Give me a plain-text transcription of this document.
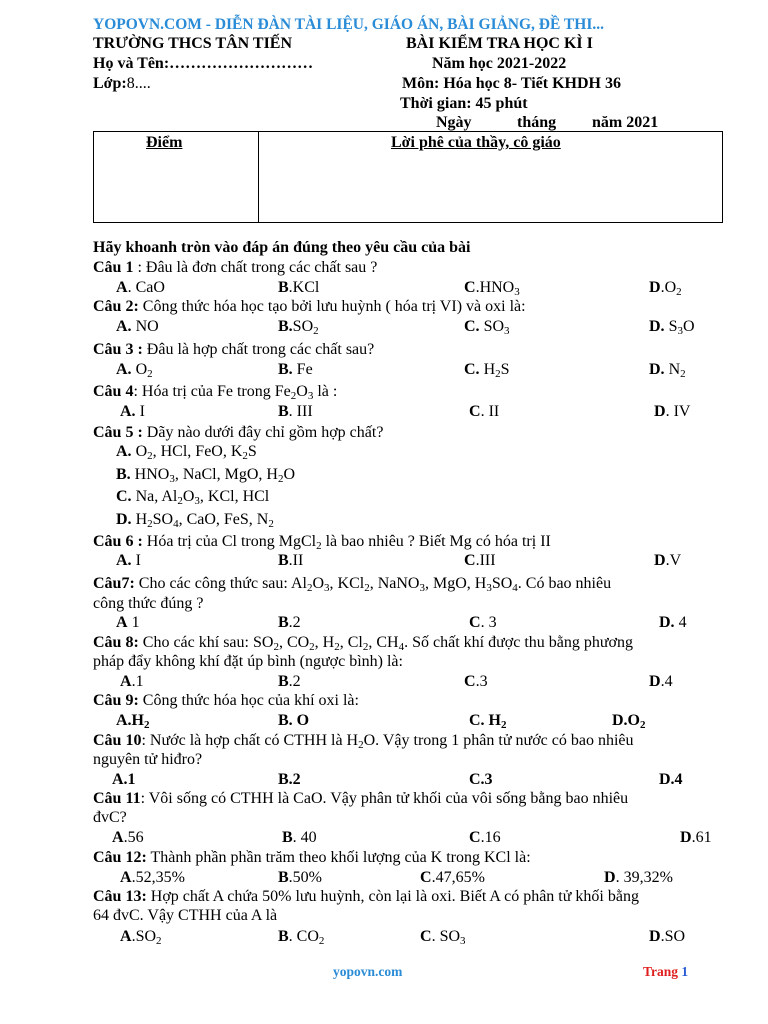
YOPOVN.COM - DIỄN ĐÀN TÀI LIỆU, GIÁO ÁN, BÀI GIẢNG, ĐỀ THI...
TRƯỜNG THCS TÂN TIẾN	BÀI KIỂM TRA HỌC KÌ I
Họ và Tên:………………………	Năm học 2021-2022
Lớp:8....	Môn: Hóa học 8- Tiết KHDH 36
Thời gian: 45 phút
Ngày	tháng năm 2021
Điểm	Lời phê của thầy, cô giáo
Hãy khoanh tròn vào đáp án đúng theo yêu cầu của bài
Câu 1 : Đâu là đơn chất trong các chất sau ?
A. CaO	B.KCl	$C.HNO_3$	$D.O_2$
Câu 2: Công thức hóa học tạo bởi lưu huỳnh ( hóa trị VI) và oxi là:
A. NO	$B.SO_2$	C. $SO_3$	D. $S_3O$
Câu 3 : Đâu là hợp chất trong các chất sau?
A. $O_2$	B. Fe	C. $H_2S$	D. $N_2$
Câu 4: Hóa trị của Fe trong $Fe_2O_3$ là :
A. I	B. III	C. II	D. IV
Câu 5 : Dãy nào dưới đây chỉ gồm hợp chất?
A. $O_2$, HCl, FeO, $K_2S$
B. $HNO_3$, NaCl, MgO, $H_2O$
C. Na, $Al_2O_3$, KCl, HCl
D. $H_2SO_4$, CaO, FeS, $N_2$
Câu 6 : Hóa trị của Cl trong MgCl$_2$ là bao nhiêu ? Biết Mg có hóa trị II
A. I	B.II	C.III	D.V
Câu7: Cho các công thức sau: $Al_2O_3$, KCl$_2$, NaNO$_3$, MgO, $H_3SO_4$. Có bao nhiêu
công thức đúng ?
A 1	B.2	C. 3	D. 4
Câu 8: Cho các khí sau: $SO_2$, $CO_2$, $H_2$, $Cl_2$, $CH_4$. Số chất khí được thu bằng phương
pháp đẩy không khí đặt úp bình (ngược bình) là:
A.1	B.2	C.3	D.4
Câu 9: Công thức hóa học của khí oxi là:
$A.H_2$	B. O	C. $H_2$	$D.O_2$
Câu 10: Nước là hợp chất có CTHH là $H_2O$. Vậy trong 1 phân tử nước có bao nhiêu
nguyên tử hiđro?
A.1	B.2	C.3	D.4
Câu 11: Vôi sống có CTHH là CaO. Vậy phân tử khối của vôi sống bằng bao nhiêu
đvC?
A.56	B. 40	C.16	D.61
Câu 12: Thành phần phần trăm theo khối lượng của K trong KCl là:
A.52,35%	B.50%	C.47,65%	D. 39,32%
Câu 13: Hợp chất A chứa 50% lưu huỳnh, còn lại là oxi. Biết A có phân tử khối bằng
64 đvC. Vậy CTHH của A là
$A.SO_2$	B. $CO_2$	C. $SO_3$	D.SO
yopovn.com	Trang 1
